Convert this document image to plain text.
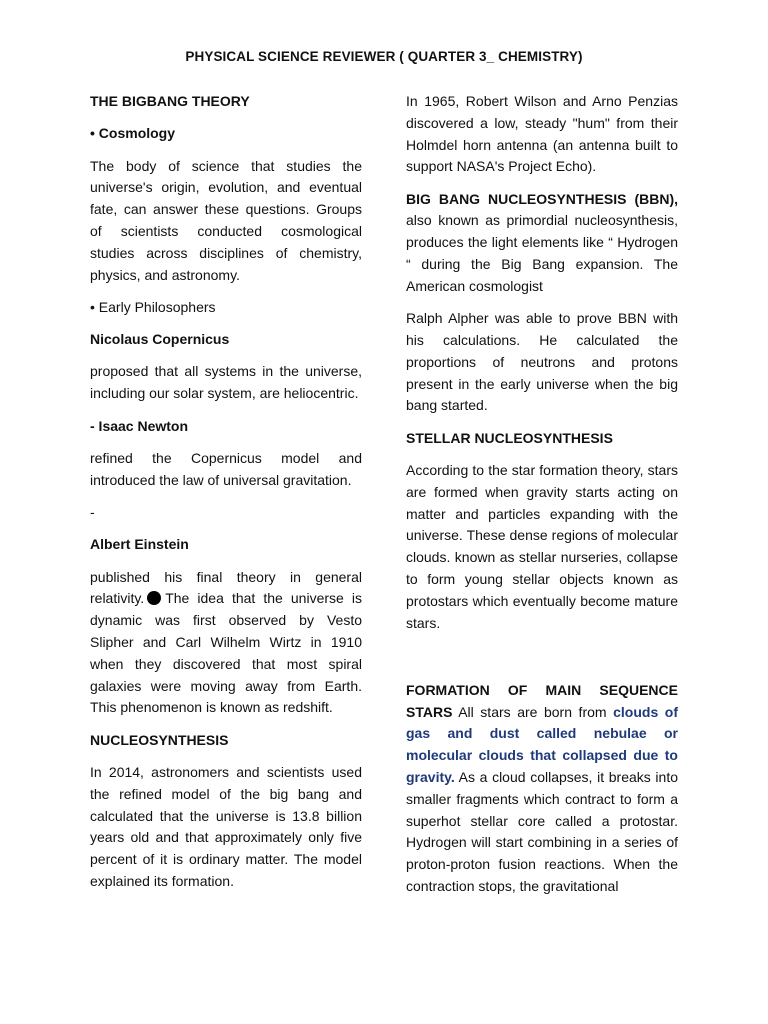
PHYSICAL SCIENCE REVIEWER ( QUARTER 3_ CHEMISTRY)

THE BIGBANG THEORY

• Cosmology

The body of science that studies the universe's origin, evolution, and eventual fate, can answer these questions. Groups of scientists conducted cosmological studies across disciplines of chemistry, physics, and astronomy.

• Early Philosophers

Nicolaus Copernicus

proposed that all systems in the universe, including our solar system, are heliocentric.

- Isaac Newton

refined the Copernicus model and introduced the law of universal gravitation.

-

Albert Einstein

published his final theory in general relativity. The idea that the universe is dynamic was first observed by Vesto Slipher and Carl Wilhelm Wirtz in 1910 when they discovered that most spiral galaxies were moving away from Earth. This phenomenon is known as redshift.

NUCLEOSYNTHESIS

In 2014, astronomers and scientists used the refined model of the big bang and calculated that the universe is 13.8 billion years old and that approximately only five percent of it is ordinary matter. The model explained its formation.

In 1965, Robert Wilson and Arno Penzias discovered a low, steady "hum" from their Holmdel horn antenna (an antenna built to support NASA's Project Echo).

BIG BANG NUCLEOSYNTHESIS (BBN), also known as primordial nucleosynthesis, produces the light elements like “ Hydrogen “ during the Big Bang expansion. The American cosmologist

Ralph Alpher was able to prove BBN with his calculations. He calculated the proportions of neutrons and protons present in the early universe when the big bang started.

STELLAR NUCLEOSYNTHESIS

According to the star formation theory, stars are formed when gravity starts acting on matter and particles expanding with the universe. These dense regions of molecular clouds. known as stellar nurseries, collapse to form young stellar objects known as protostars which eventually become mature stars.

FORMATION OF MAIN SEQUENCE STARS All stars are born from clouds of gas and dust called nebulae or molecular clouds that collapsed due to gravity. As a cloud collapses, it breaks into smaller fragments which contract to form a superhot stellar core called a protostar. Hydrogen will start combining in a series of proton-proton fusion reactions. When the contraction stops, the gravitational
